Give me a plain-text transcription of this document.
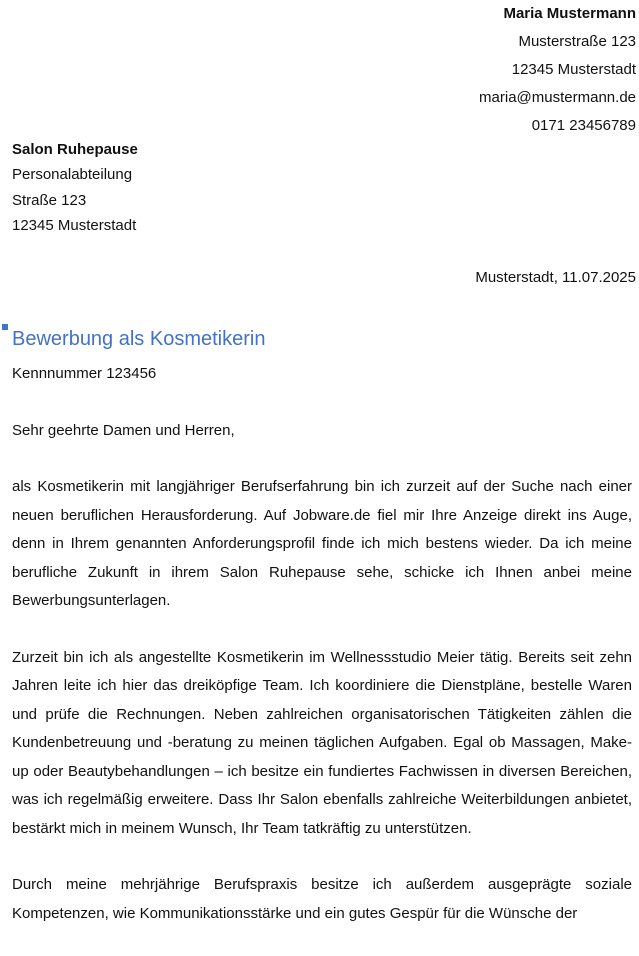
Maria Mustermann
Musterstraße 123
12345 Musterstadt
maria@mustermann.de
0171 23456789
Salon Ruhepause
Personalabteilung
Straße 123
12345 Musterstadt
Musterstadt, 11.07.2025
Bewerbung als Kosmetikerin
Kennnummer 123456
Sehr geehrte Damen und Herren,

als Kosmetikerin mit langjähriger Berufserfahrung bin ich zurzeit auf der Suche nach einer neuen beruflichen Herausforderung. Auf Jobware.de fiel mir Ihre Anzeige direkt ins Auge, denn in Ihrem genannten Anforderungsprofil finde ich mich bestens wieder. Da ich meine berufliche Zukunft in ihrem Salon Ruhepause sehe, schicke ich Ihnen anbei meine Bewerbungsunterlagen.

Zurzeit bin ich als angestellte Kosmetikerin im Wellnessstudio Meier tätig. Bereits seit zehn Jahren leite ich hier das dreiköpfige Team. Ich koordiniere die Dienstpläne, bestelle Waren und prüfe die Rechnungen. Neben zahlreichen organisatorischen Tätigkeiten zählen die Kundenbetreuung und -beratung zu meinen täglichen Aufgaben. Egal ob Massagen, Make-up oder Beautybehandlungen – ich besitze ein fundiertes Fachwissen in diversen Bereichen, was ich regelmäßig erweitere. Dass Ihr Salon ebenfalls zahlreiche Weiterbildungen anbietet, bestärkt mich in meinem Wunsch, Ihr Team tatkräftig zu unterstützen.

Durch meine mehrjährige Berufspraxis besitze ich außerdem ausgeprägte soziale Kompetenzen, wie Kommunikationsstärke und ein gutes Gespür für die Wünsche der
